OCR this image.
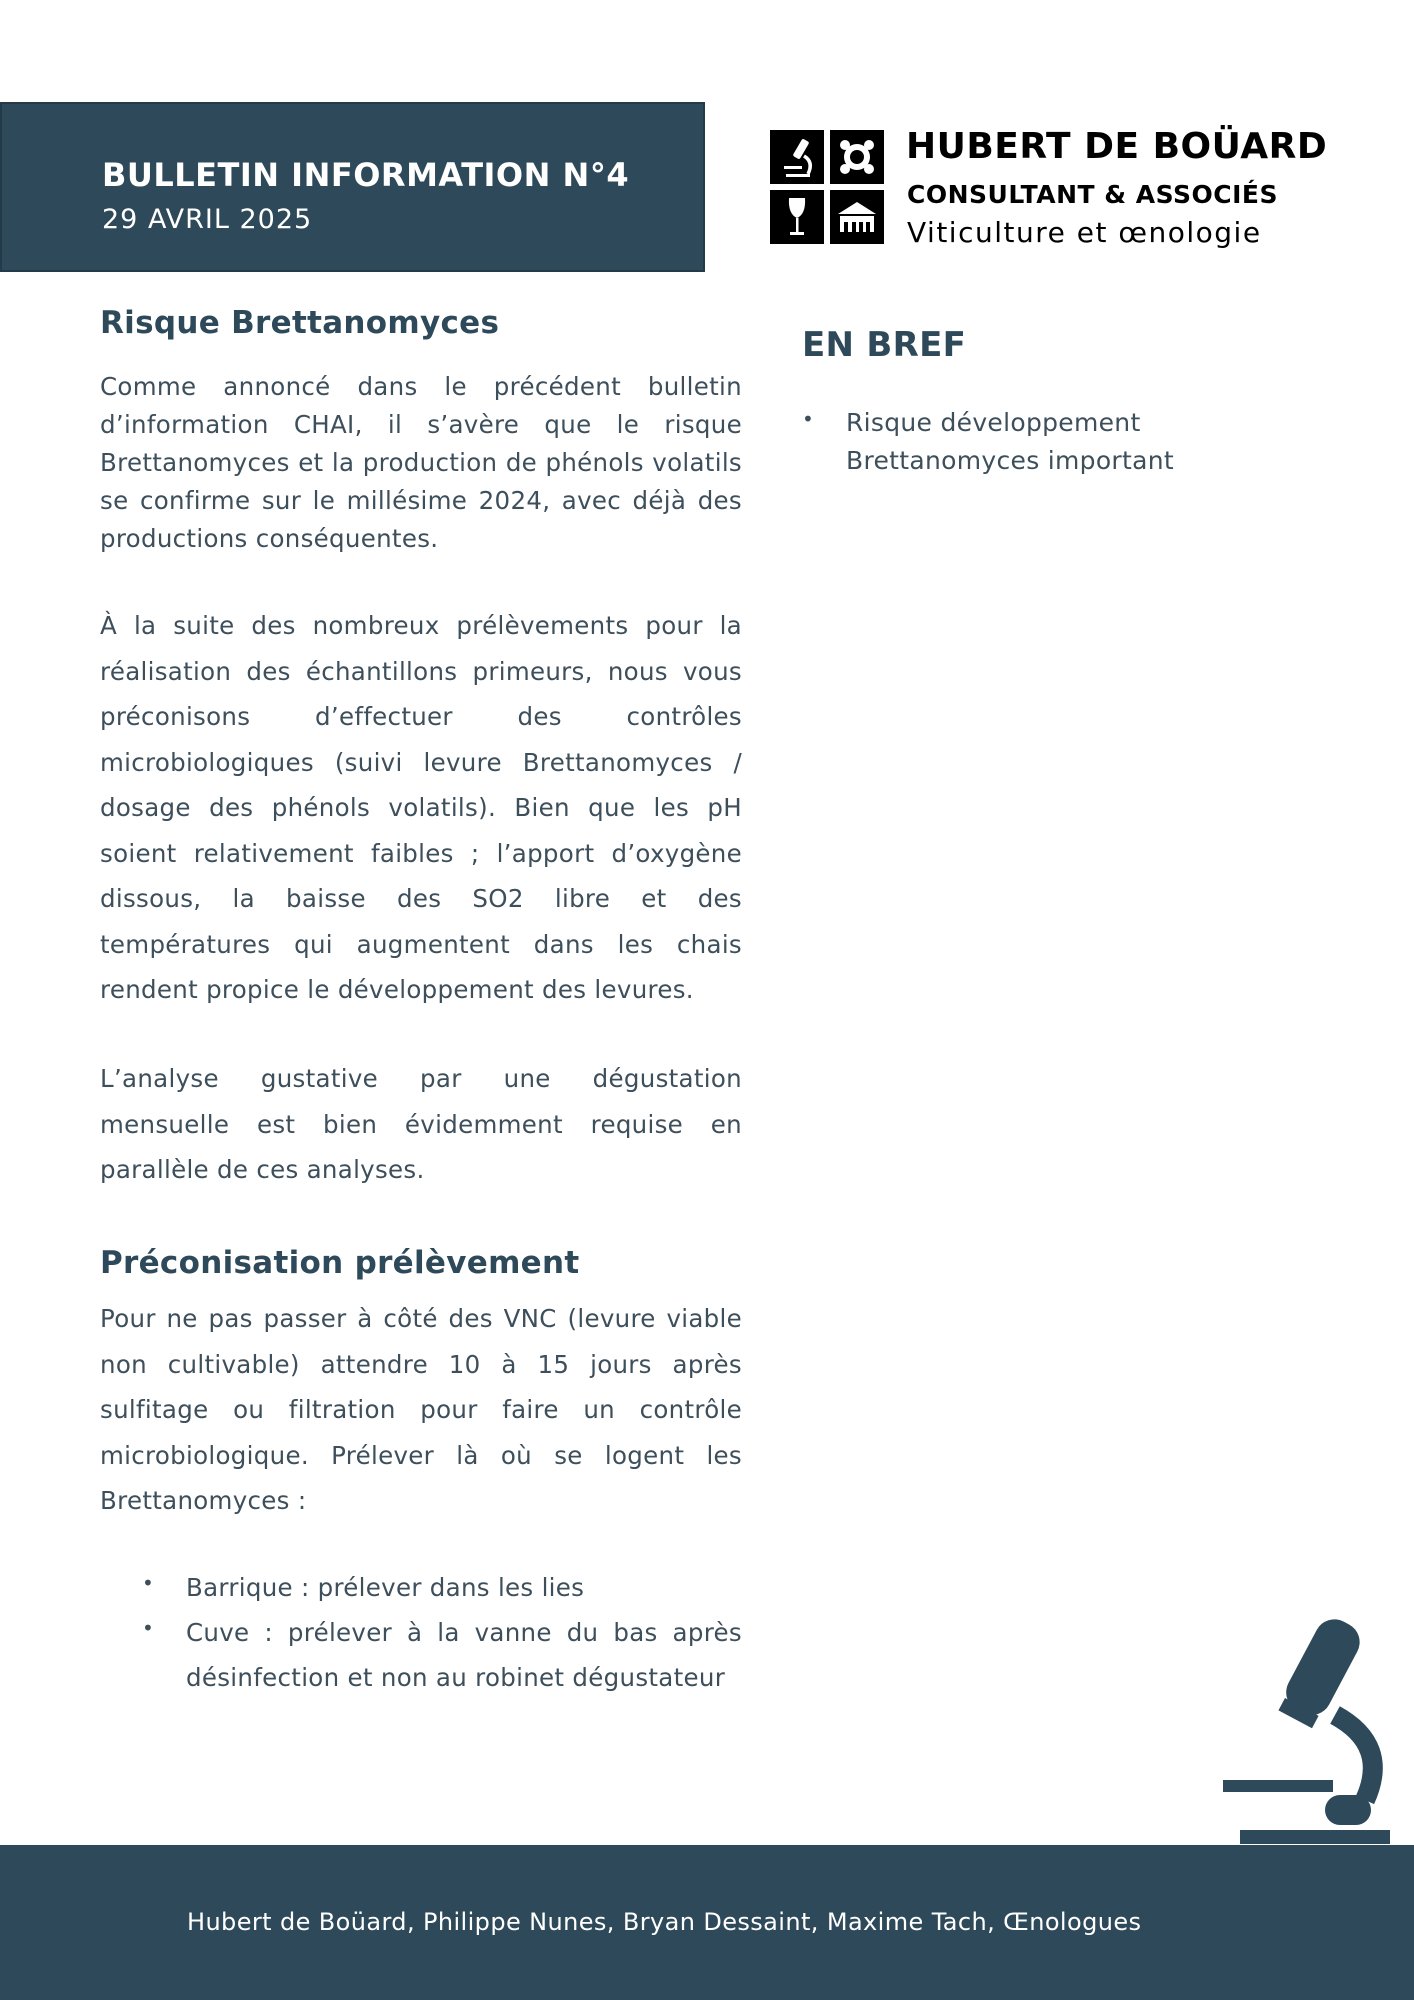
BULLETIN INFORMATION N°4

29 AVRIL 2025

HUBERT DE BOÜARD

CONSULTANT & ASSOCIÉS

Viticulture et œnologie

Risque Brettanomyces

Comme annoncé dans le précédent bulletin d’information CHAI, il s’avère que le risque Brettanomyces et la production de phénols volatils se confirme sur le millésime 2024, avec déjà des productions conséquentes.

À la suite des nombreux prélèvements pour la réalisation des échantillons primeurs, nous vous préconisons d’effectuer des contrôles microbiologiques (suivi levure Brettanomyces / dosage des phénols volatils). Bien que les pH soient relativement faibles ; l’apport d’oxygène dissous, la baisse des SO2 libre et des températures qui augmentent dans les chais rendent propice le développement des levures.

L’analyse gustative par une dégustation mensuelle est bien évidemment requise en parallèle de ces analyses.

Préconisation prélèvement

Pour ne pas passer à côté des VNC (levure viable non cultivable) attendre 10 à 15 jours après sulfitage ou filtration pour faire un contrôle microbiologique. Prélever là où se logent les Brettanomyces :

• Barrique : prélever dans les lies
• Cuve : prélever à la vanne du bas après désinfection et non au robinet dégustateur
EN BREF
• Risque développement Brettanomyces important

Hubert de Boüard, Philippe Nunes, Bryan Dessaint, Maxime Tach, Œnologues
